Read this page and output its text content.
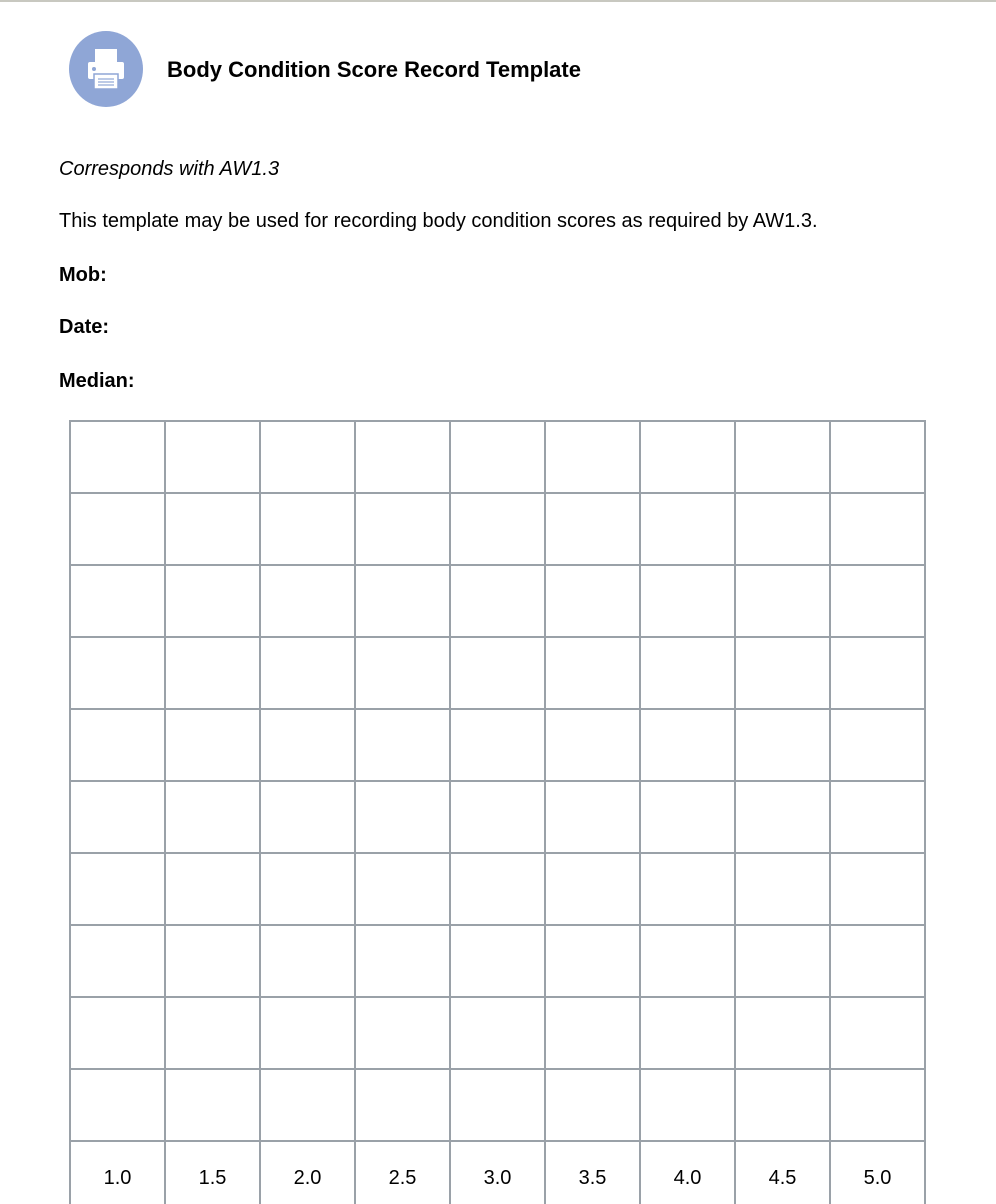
Body Condition Score Record Template
Corresponds with AW1.3
This template may be used for recording body condition scores as required by AW1.3.
Mob:
Date:
Median:

1.0	1.5	2.0	2.5	3.0	3.5	4.0	4.5	5.0
